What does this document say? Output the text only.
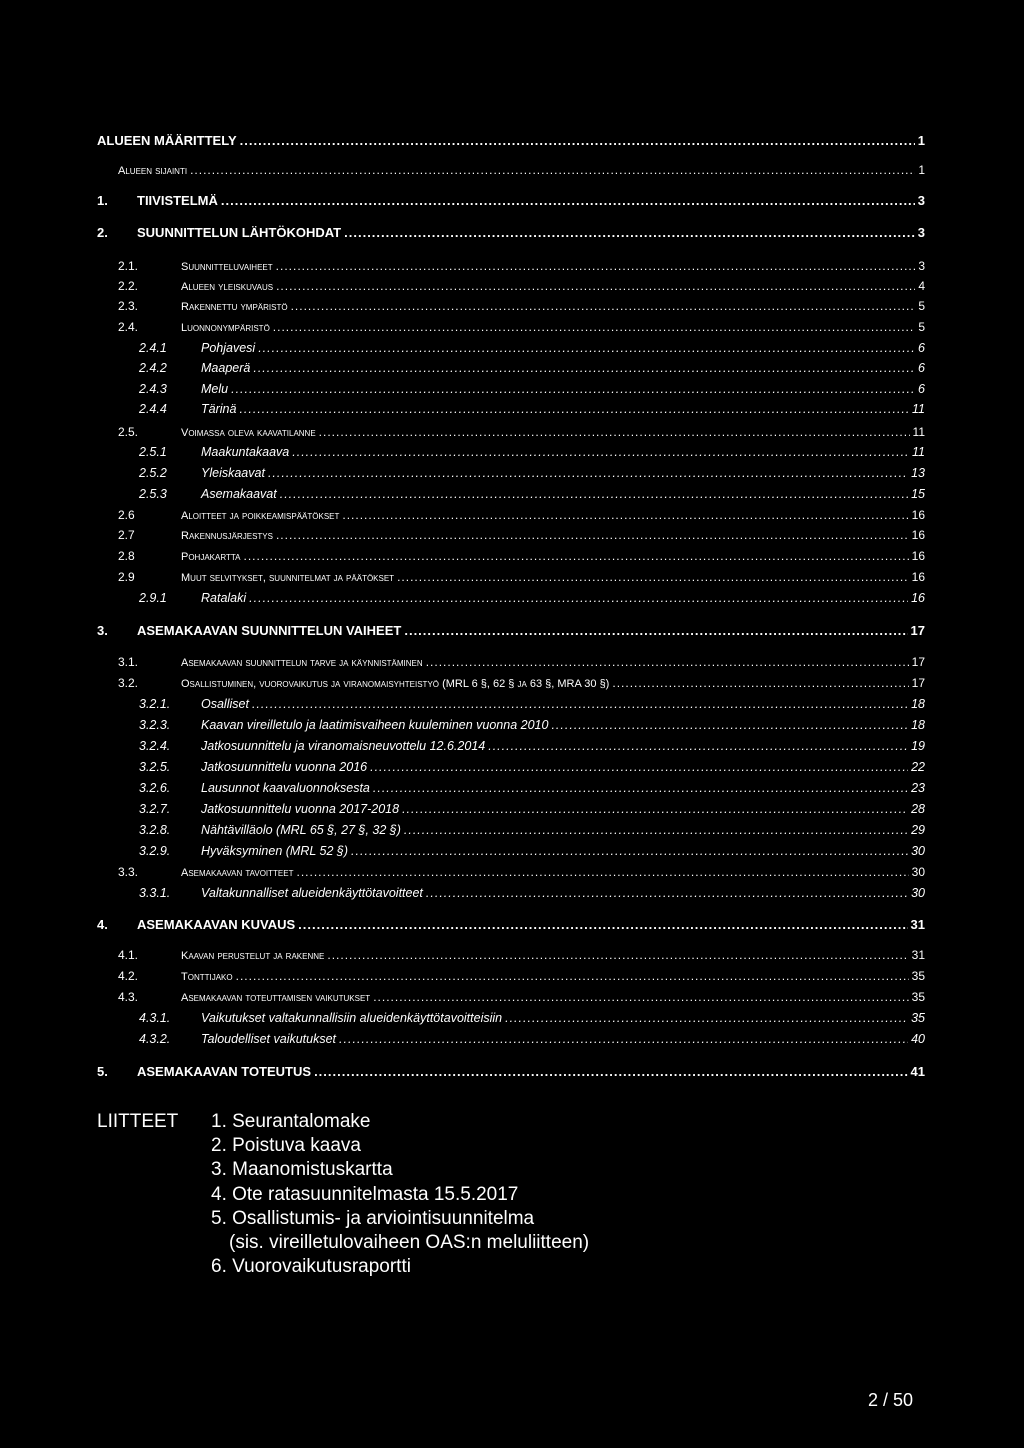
ALUEEN MÄÄRITTELY .....	1
Alueen sijainti .....	1
1.	TIIVISTELMÄ .....	3
2.	SUUNNITTELUN LÄHTÖKOHDAT .....	3
2.1.	Suunnitteluvaiheet .....	3
2.2.	Alueen yleiskuvaus .....	4
2.3.	Rakennettu ympäristö .....	5
2.4.	Luonnonympäristö .....	5
2.4.1	Pohjavesi .....	6
2.4.2	Maaperä .....	6
2.4.3	Melu .....	6
2.4.4	Tärinä .....	11
2.5.	Voimassa oleva kaavatilanne .....	11
2.5.1	Maakuntakaava .....	11
2.5.2	Yleiskaavat .....	13
2.5.3	Asemakaavat .....	15
2.6	Aloitteet ja poikkeamispäätökset .....	16
2.7	Rakennusjärjestys .....	16
2.8	Pohjakartta .....	16
2.9	Muut selvitykset, suunnitelmat ja päätökset .....	16
2.9.1	Ratalaki .....	16
3.	ASEMAKAAVAN SUUNNITTELUN VAIHEET .....	17
3.1.	Asemakaavan suunnittelun tarve ja käynnistäminen .....	17
3.2.	Osallistuminen, vuorovaikutus ja viranomaisyhteistyö (MRL 6 §, 62 § ja 63 §, MRA 30 §) .....	17
3.2.1.	Osalliset .....	18
3.2.3.	Kaavan vireilletulo ja laatimisvaiheen kuuleminen vuonna 2010 .....	18
3.2.4.	Jatkosuunnittelu ja viranomaisneuvottelu 12.6.2014 .....	19
3.2.5.	Jatkosuunnittelu vuonna 2016 .....	22
3.2.6.	Lausunnot kaavaluonnoksesta .....	23
3.2.7.	Jatkosuunnittelu vuonna 2017-2018 .....	28
3.2.8.	Nähtävilläolo (MRL 65 §, 27 §, 32 §) .....	29
3.2.9.	Hyväksyminen (MRL 52 §) .....	30
3.3.	Asemakaavan tavoitteet .....	30
3.3.1.	Valtakunnalliset alueidenkäyttötavoitteet .....	30
4.	ASEMAKAAVAN KUVAUS .....	31
4.1.	Kaavan perustelut ja rakenne .....	31
4.2.	Tonttijako .....	35
4.3.	Asemakaavan toteuttamisen vaikutukset .....	35
4.3.1.	Vaikutukset valtakunnallisiin alueidenkäyttötavoitteisiin .....	35
4.3.2.	Taloudelliset vaikutukset .....	40
5.	ASEMAKAAVAN TOTEUTUS .....	41
LIITTEET 1. Seurantalomake
2. Poistuva kaava
3. Maanomistuskartta
4. Ote ratasuunnitelmasta 15.5.2017
5. Osallistumis- ja arviointisuunnitelma
(sis. vireilletulovaiheen OAS:n meluliitteen)
6. Vuorovaikutusraportti
2 / 50
